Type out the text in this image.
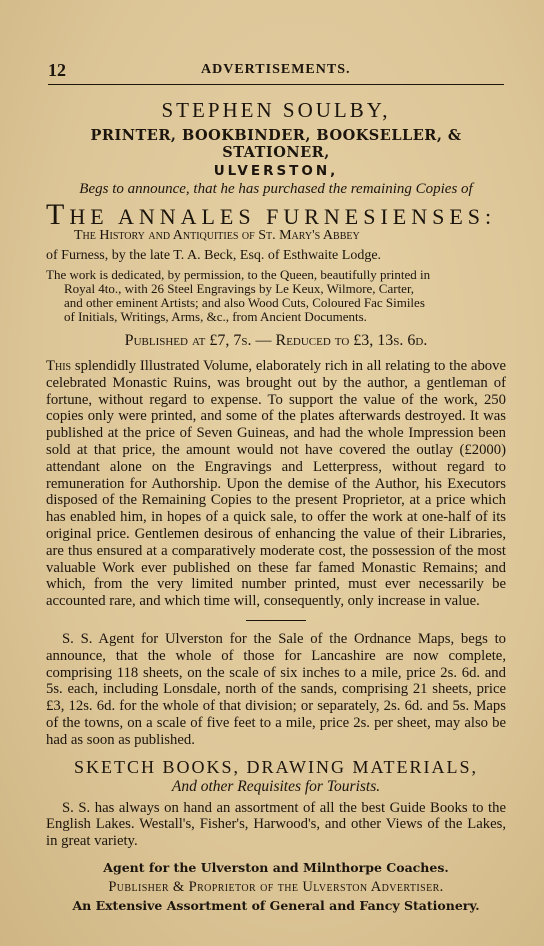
12	ADVERTISEMENTS.
STEPHEN SOULBY,
PRINTER, BOOKBINDER, BOOKSELLER, & STATIONER,
ULVERSTON,
Begs to announce, that he has purchased the remaining Copies of
THE ANNALES FURNESIENSES:
The History and Antiquities of St. Mary's Abbey
of Furness, by the late T. A. Beck, Esq. of Esthwaite Lodge.
The work is dedicated, by permission, to the Queen, beautifully printed in
Royal 4to., with 26 Steel Engravings by Le Keux, Wilmore, Carter,
and other eminent Artists; and also Wood Cuts, Coloured Fac Similes
of Initials, Writings, Arms, &c., from Ancient Documents.
Published at £7, 7s. — Reduced to £3, 13s. 6d.

This splendidly Illustrated Volume, elaborately rich in all relating to the above celebrated Monastic Ruins, was brought out by the author, a gentleman of fortune, without regard to expense. To support the value of the work, 250 copies only were printed, and some of the plates afterwards destroyed. It was published at the price of Seven Guineas, and had the whole Impression been sold at that price, the amount would not have covered the outlay (£2000) attendant alone on the Engravings and Letterpress, without regard to remuneration for Authorship. Upon the demise of the Author, his Executors disposed of the Remaining Copies to the present Proprietor, at a price which has enabled him, in hopes of a quick sale, to offer the work at one-half of its original price. Gentlemen desirous of enhancing the value of their Libraries, are thus ensured at a comparatively moderate cost, the possession of the most valuable Work ever published on these far famed Monastic Remains; and which, from the very limited number printed, must ever necessarily be accounted rare, and which time will, consequently, only increase in value.

S. S. Agent for Ulverston for the Sale of the Ordnance Maps, begs to announce, that the whole of those for Lancashire are now complete, comprising 118 sheets, on the scale of six inches to a mile, price 2s. 6d. and 5s. each, including Lonsdale, north of the sands, comprising 21 sheets, price £3, 12s. 6d. for the whole of that division; or separately, 2s. 6d. and 5s. Maps of the towns, on a scale of five feet to a mile, price 2s. per sheet, may also be had as soon as published.

SKETCH BOOKS, DRAWING MATERIALS,
And other Requisites for Tourists.

S. S. has always on hand an assortment of all the best Guide Books to the English Lakes. Westall's, Fisher's, Harwood's, and other Views of the Lakes, in great variety.

Agent for the Ulverston and Milnthorpe Coaches.
Publisher & Proprietor of the Ulverston Advertiser.
An Extensive Assortment of General and Fancy Stationery.
